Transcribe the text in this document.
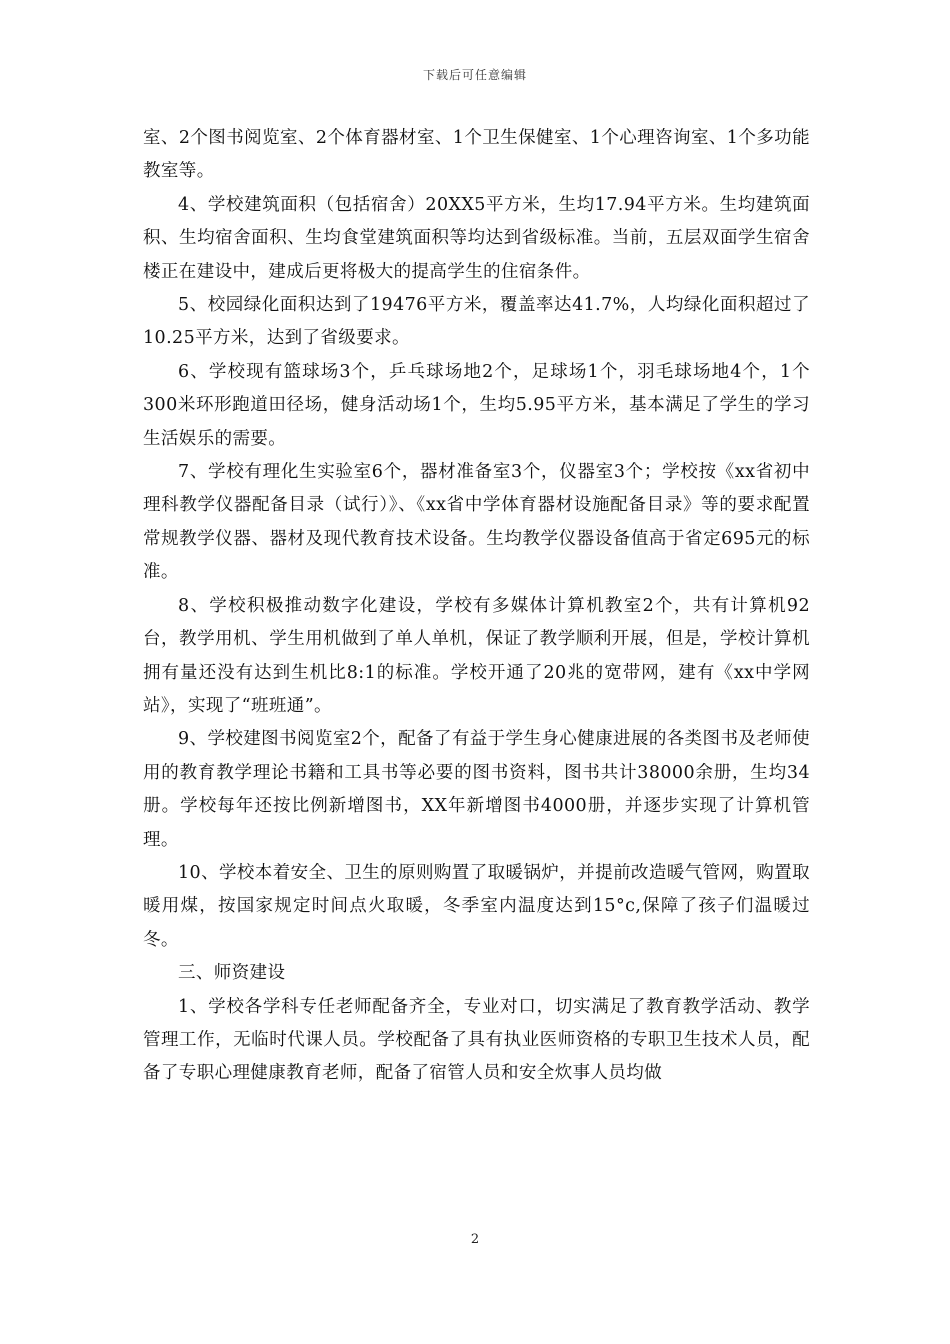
下载后可任意编辑

室、2个图书阅览室、2个体育器材室、1个卫生保健室、1个心理咨询室、1个多功能教室等。

4、学校建筑面积（包括宿舍）20XX5平方米，生均17.94平方米。生均建筑面积、生均宿舍面积、生均食堂建筑面积等均达到省级标准。当前，五层双面学生宿舍楼正在建设中，建成后更将极大的提高学生的住宿条件。

5、校园绿化面积达到了19476平方米，覆盖率达41.7%，人均绿化面积超过了10.25平方米，达到了省级要求。

6、学校现有篮球场3个，乒乓球场地2个，足球场1个，羽毛球场地4个，1个300米环形跑道田径场，健身活动场1个，生均5.95平方米，基本满足了学生的学习生活娱乐的需要。

7、学校有理化生实验室6个，器材准备室3个，仪器室3个；学校按《xx省初中理科教学仪器配备目录（试行）》、《xx省中学体育器材设施配备目录》等的要求配置常规教学仪器、器材及现代教育技术设备。生均教学仪器设备值高于省定695元的标准。

8、学校积极推动数字化建设，学校有多媒体计算机教室2个，共有计算机92台，教学用机、学生用机做到了单人单机，保证了教学顺利开展，但是，学校计算机拥有量还没有达到生机比8:1的标准。学校开通了20兆的宽带网，建有《xx中学网站》，实现了“班班通”。

9、学校建图书阅览室2个，配备了有益于学生身心健康进展的各类图书及老师使用的教育教学理论书籍和工具书等必要的图书资料，图书共计38000余册，生均34册。学校每年还按比例新增图书，XX年新增图书4000册，并逐步实现了计算机管理。

10、学校本着安全、卫生的原则购置了取暖锅炉，并提前改造暖气管网，购置取暖用煤，按国家规定时间点火取暖，冬季室内温度达到15°c,保障了孩子们温暖过冬。

三、师资建设

1、学校各学科专任老师配备齐全，专业对口，切实满足了教育教学活动、教学管理工作，无临时代课人员。学校配备了具有执业医师资格的专职卫生技术人员，配备了专职心理健康教育老师，配备了宿管人员和安全炊事人员均做

2
